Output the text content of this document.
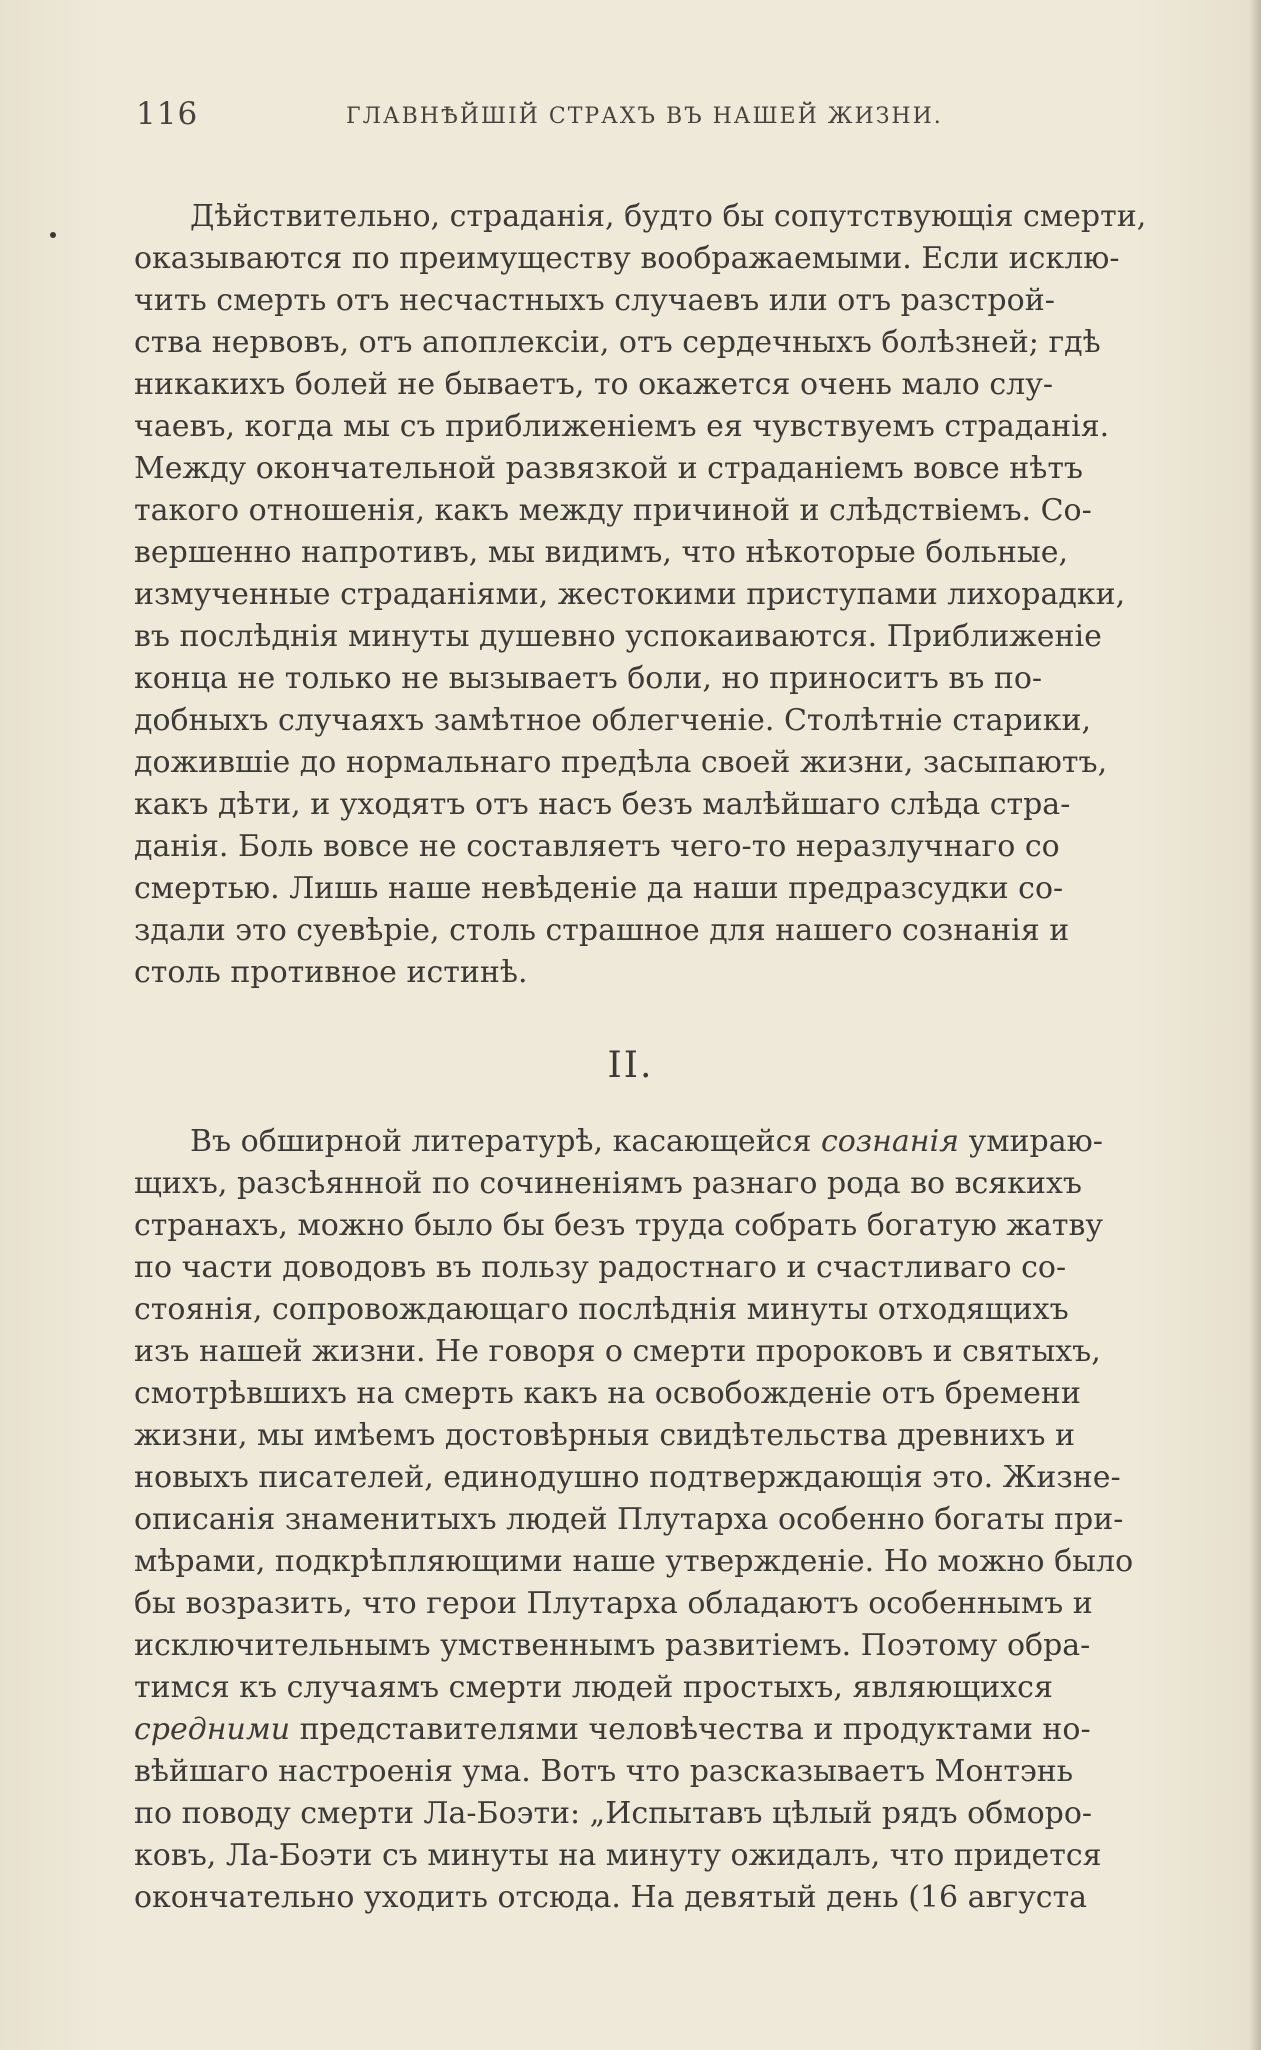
116	ГЛАВНѢЙШІЙ СТРАХЪ ВЪ НАШЕЙ ЖИЗНИ.
Дѣйствительно, страданія, будто бы сопутствующія смерти,
оказываются по преимуществу воображаемыми. Если исклю-
чить смерть отъ несчастныхъ случаевъ или отъ разстрой-
ства нервовъ, отъ апоплексіи, отъ сердечныхъ болѣзней; гдѣ
никакихъ болей не бываетъ, то окажется очень мало слу-
чаевъ, когда мы съ приближеніемъ ея чувствуемъ страданія.
Между окончательной развязкой и страданіемъ вовсе нѣтъ
такого отношенія, какъ между причиной и слѣдствіемъ. Со-
вершенно напротивъ, мы видимъ, что нѣкоторые больные,
измученные страданіями, жестокими приступами лихорадки,
въ послѣднія минуты душевно успокаиваются. Приближеніе
конца не только не вызываетъ боли, но приноситъ въ по-
добныхъ случаяхъ замѣтное облегченіе. Столѣтніе старики,
дожившіе до нормальнаго предѣла своей жизни, засыпаютъ,
какъ дѣти, и уходятъ отъ насъ безъ малѣйшаго слѣда стра-
данія. Боль вовсе не составляетъ чего-то неразлучнаго со
смертью. Лишь наше невѣденіе да наши предразсудки со-
здали это суевѣріе, столь страшное для нашего сознанія и
столь противное истинѣ.
II.
Въ обширной литературѣ, касающейся сознанія умираю-
щихъ, разсѣянной по сочиненіямъ разнаго рода во всякихъ
странахъ, можно было бы безъ труда собрать богатую жатву
по части доводовъ въ пользу радостнаго и счастливаго со-
стоянія, сопровождающаго послѣднія минуты отходящихъ
изъ нашей жизни. Не говоря о смерти пророковъ и святыхъ,
смотрѣвшихъ на смерть какъ на освобожденіе отъ бремени
жизни, мы имѣемъ достовѣрныя свидѣтельства древнихъ и
новыхъ писателей, единодушно подтверждающія это. Жизне-
описанія знаменитыхъ людей Плутарха особенно богаты при-
мѣрами, подкрѣпляющими наше утвержденіе. Но можно было
бы возразить, что герои Плутарха обладаютъ особеннымъ и
исключительнымъ умственнымъ развитіемъ. Поэтому обра-
тимся къ случаямъ смерти людей простыхъ, являющихся
средними представителями человѣчества и продуктами но-
вѣйшаго настроенія ума. Вотъ что разсказываетъ Монтэнь
по поводу смерти Ла-Боэти: „Испытавъ цѣлый рядъ обморо-
ковъ, Ла-Боэти съ минуты на минуту ожидалъ, что придется
окончательно уходить отсюда. На девятый день (16 августа
